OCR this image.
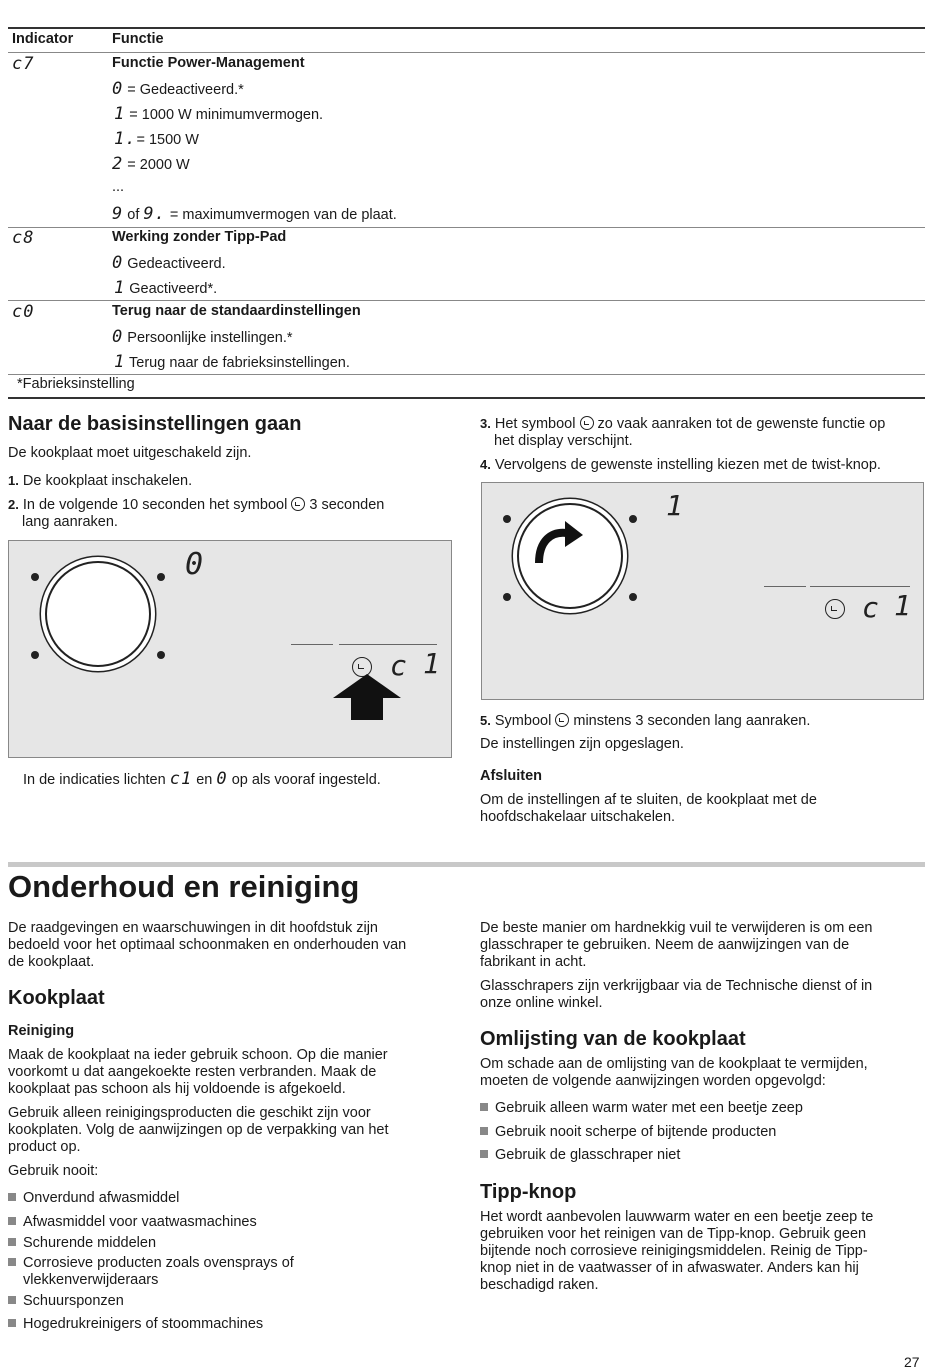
Indicator	Functie
c7	Functie Power-Management
0 = Gedeactiveerd.*
1 = 1000 W minimumvermogen.
1.= 1500 W
2 = 2000 W
...
9 of 9. = maximumvermogen van de plaat.
c8	Werking zonder Tipp-Pad
0 Gedeactiveerd.
1 Geactiveerd*.
c0	Terug naar de standaardinstellingen
0 Persoonlijke instellingen.*
1 Terug naar de fabrieksinstellingen.
*Fabrieksinstelling
Naar de basisinstellingen gaan
De kookplaat moet uitgeschakeld zijn.
1. De kookplaat inschakelen.
2. In de volgende 10 seconden het symbool 3 seconden
lang aanraken.
0
c 1
In de indicaties lichten c1 en 0 op als vooraf ingesteld.
3. Het symbool zo vaak aanraken tot de gewenste functie op
het display verschijnt.
4. Vervolgens de gewenste instelling kiezen met de twist-knop.
1
c 1
5. Symbool minstens 3 seconden lang aanraken.
De instellingen zijn opgeslagen.
Afsluiten
Om de instellingen af te sluiten, de kookplaat met de
hoofdschakelaar uitschakelen.
Onderhoud en reiniging
De raadgevingen en waarschuwingen in dit hoofdstuk zijn
bedoeld voor het optimaal schoonmaken en onderhouden van
de kookplaat.
Kookplaat
Reiniging
Maak de kookplaat na ieder gebruik schoon. Op die manier
voorkomt u dat aangekoekte resten verbranden. Maak de
kookplaat pas schoon als hij voldoende is afgekoeld.
Gebruik alleen reinigingsproducten die geschikt zijn voor
kookplaten. Volg de aanwijzingen op de verpakking van het
product op.
Gebruik nooit:
Onverdund afwasmiddel
Afwasmiddel voor vaatwasmachines
Schurende middelen
Corrosieve producten zoals ovensprays of
vlekkenverwijderaars
Schuursponzen
Hogedrukreinigers of stoommachines
De beste manier om hardnekkig vuil te verwijderen is om een
glasschraper te gebruiken. Neem de aanwijzingen van de
fabrikant in acht.
Glasschrapers zijn verkrijgbaar via de Technische dienst of in
onze online winkel.
Omlijsting van de kookplaat
Om schade aan de omlijsting van de kookplaat te vermijden,
moeten de volgende aanwijzingen worden opgevolgd:
Gebruik alleen warm water met een beetje zeep
Gebruik nooit scherpe of bijtende producten
Gebruik de glasschraper niet
Tipp-knop
Het wordt aanbevolen lauwwarm water en een beetje zeep te
gebruiken voor het reinigen van de Tipp-knop. Gebruik geen
bijtende noch corrosieve reinigingsmiddelen. Reinig de Tipp-
knop niet in de vaatwasser of in afwaswater. Anders kan hij
beschadigd raken.
27
